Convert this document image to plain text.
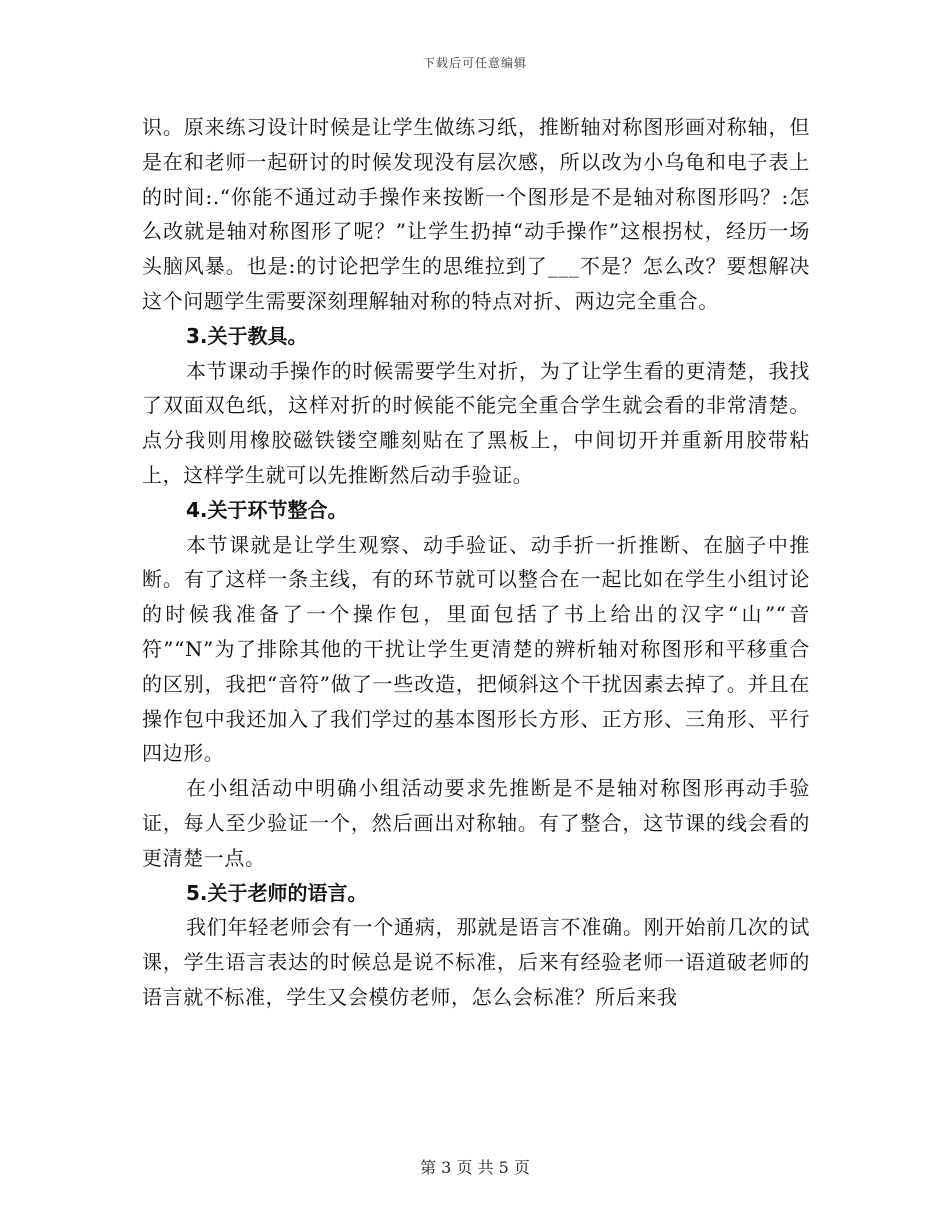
下载后可任意编辑

识。原来练习设计时候是让学生做练习纸，推断轴对称图形画对称轴，但是在和老师一起研讨的时候发现没有层次感，所以改为小乌龟和电子表上的时间:.“你能不通过动手操作来按断一个图形是不是轴对称图形吗？:怎么改就是轴对称图形了呢？”让学生扔掉“动手操作”这根拐杖，经历一场头脑风暴。也是:的讨论把学生的思维拉到了___不是？怎么改？要想解决这个问题学生需要深刻理解轴对称的特点对折、两边完全重合。

3.关于教具。

本节课动手操作的时候需要学生对折，为了让学生看的更清楚，我找了双面双色纸，这样对折的时候能不能完全重合学生就会看的非常清楚。点分我则用橡胶磁铁镂空雕刻贴在了黑板上，中间切开并重新用胶带粘上，这样学生就可以先推断然后动手验证。

4.关于环节整合。

本节课就是让学生观察、动手验证、动手折一折推断、在脑子中推断。有了这样一条主线，有的环节就可以整合在一起比如在学生小组讨论的时候我准备了一个操作包，里面包括了书上给出的汉字“山”“音符”“N”为了排除其他的干扰让学生更清楚的辨析轴对称图形和平移重合的区别，我把“音符”做了一些改造，把倾斜这个干扰因素去掉了。并且在操作包中我还加入了我们学过的基本图形长方形、正方形、三角形、平行四边形。

在小组活动中明确小组活动要求先推断是不是轴对称图形再动手验证，每人至少验证一个，然后画出对称轴。有了整合，这节课的线会看的更清楚一点。

5.关于老师的语言。

我们年轻老师会有一个通病，那就是语言不准确。刚开始前几次的试课，学生语言表达的时候总是说不标准，后来有经验老师一语道破老师的语言就不标准，学生又会模仿老师，怎么会标准？所后来我

第 3 页 共 5 页
